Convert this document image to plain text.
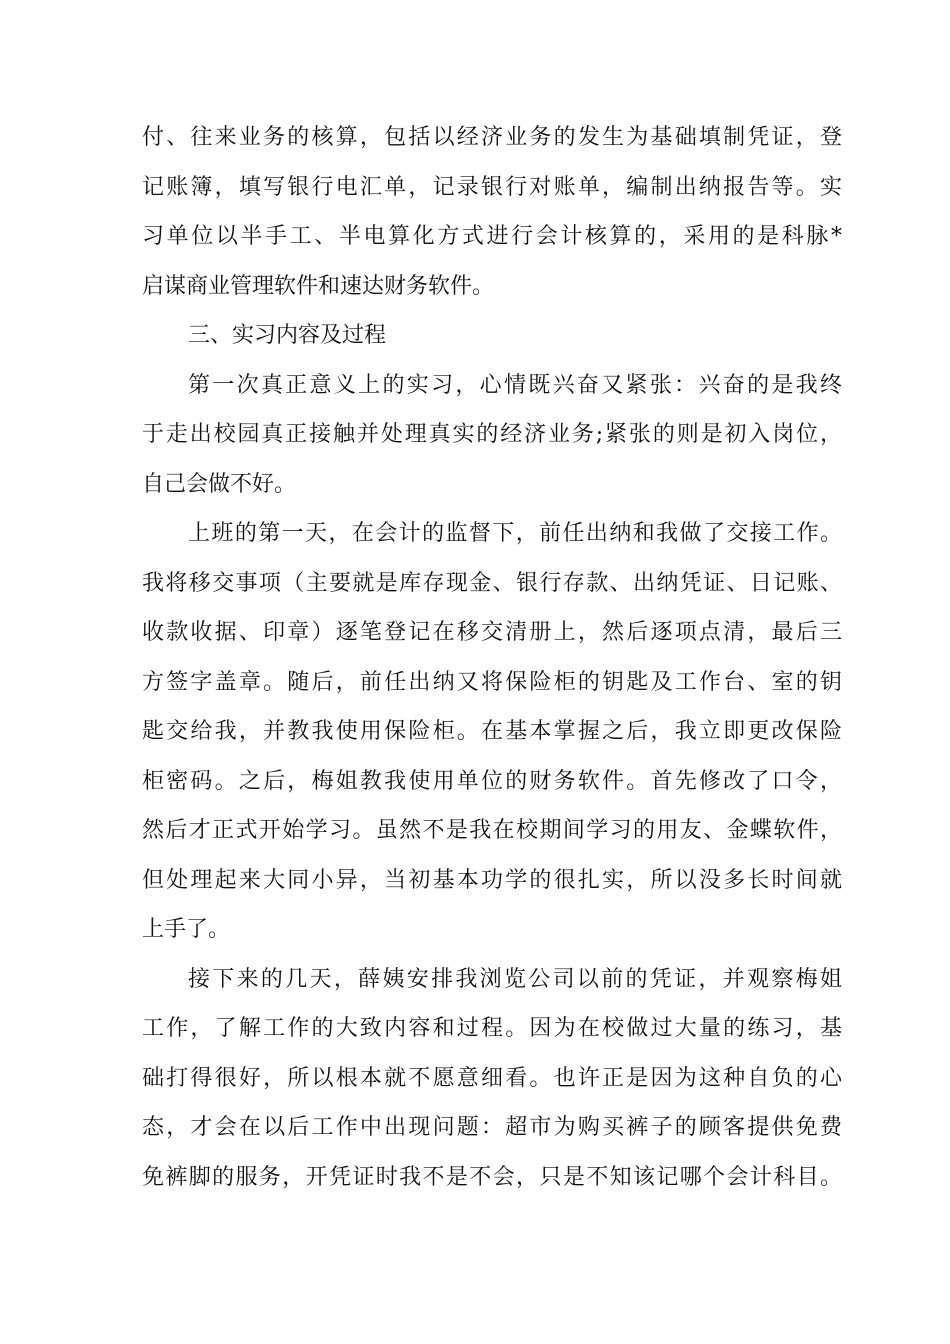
付、往来业务的核算，包括以经济业务的发生为基础填制凭证，登
记账簿，填写银行电汇单，记录银行对账单，编制出纳报告等。实
习单位以半手工、半电算化方式进行会计核算的，采用的是科脉*
启谋商业管理软件和速达财务软件。
三、实习内容及过程
第一次真正意义上的实习，心情既兴奋又紧张：兴奋的是我终
于走出校园真正接触并处理真实的经济业务;紧张的则是初入岗位，
自己会做不好。
上班的第一天，在会计的监督下，前任出纳和我做了交接工作。
我将移交事项（主要就是库存现金、银行存款、出纳凭证、日记账、
收款收据、印章）逐笔登记在移交清册上，然后逐项点清，最后三
方签字盖章。随后，前任出纳又将保险柜的钥匙及工作台、室的钥
匙交给我，并教我使用保险柜。在基本掌握之后，我立即更改保险
柜密码。之后，梅姐教我使用单位的财务软件。首先修改了口令，
然后才正式开始学习。虽然不是我在校期间学习的用友、金蝶软件，
但处理起来大同小异，当初基本功学的很扎实，所以没多长时间就
上手了。
接下来的几天，薛姨安排我浏览公司以前的凭证，并观察梅姐
工作，了解工作的大致内容和过程。因为在校做过大量的练习，基
础打得很好，所以根本就不愿意细看。也许正是因为这种自负的心
态，才会在以后工作中出现问题：超市为购买裤子的顾客提供免费
免裤脚的服务，开凭证时我不是不会，只是不知该记哪个会计科目。
